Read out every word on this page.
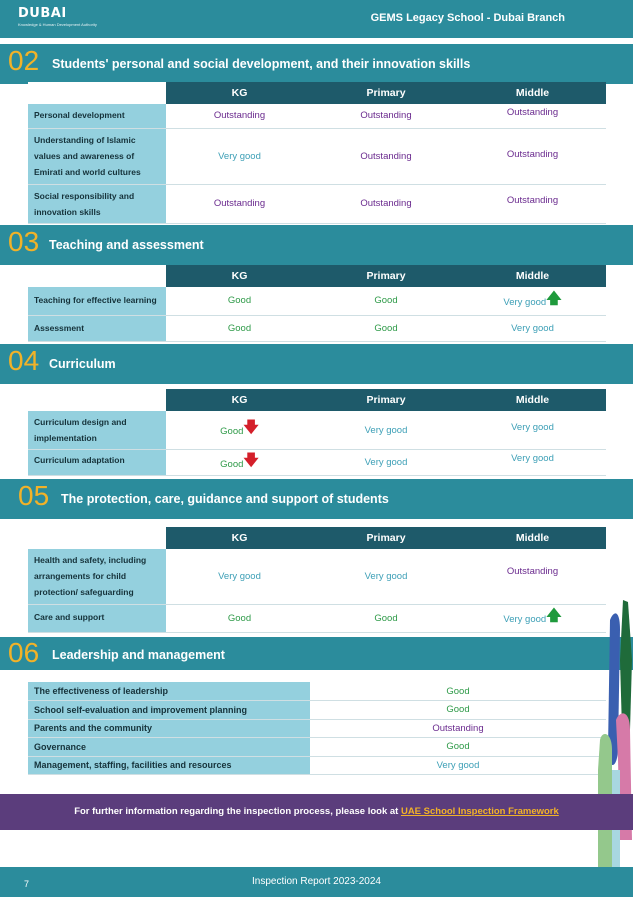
DUBAI
Knowledge & Human Development Authority
GEMS Legacy School - Dubai Branch
02 Students' personal and social development, and their innovation skills
	KG	Primary	Middle
Personal development	Outstanding	Outstanding	Outstanding
Understanding of Islamic values and awareness of Emirati and world cultures	Very good	Outstanding	Outstanding
Social responsibility and innovation skills	Outstanding	Outstanding	Outstanding
03 Teaching and assessment
	KG	Primary	Middle
Teaching for effective learning	Good	Good	Very good🡅
Assessment	Good	Good	Very good
04 Curriculum
	KG	Primary	Middle
Curriculum design and implementation	Good🡇	Very good	Very good
Curriculum adaptation	Good🡇	Very good	Very good
05 The protection, care, guidance and support of students
	KG	Primary	Middle
Health and safety, including arrangements for child protection/ safeguarding	Very good	Very good	Outstanding
Care and support	Good	Good	Very good🡅
06 Leadership and management
The effectiveness of leadership	Good
School self-evaluation and improvement planning	Good
Parents and the community	Outstanding
Governance	Good
Management, staffing, facilities and resources	Very good
For further information regarding the inspection process, please look at UAE School Inspection Framework
7	Inspection Report 2023-2024
